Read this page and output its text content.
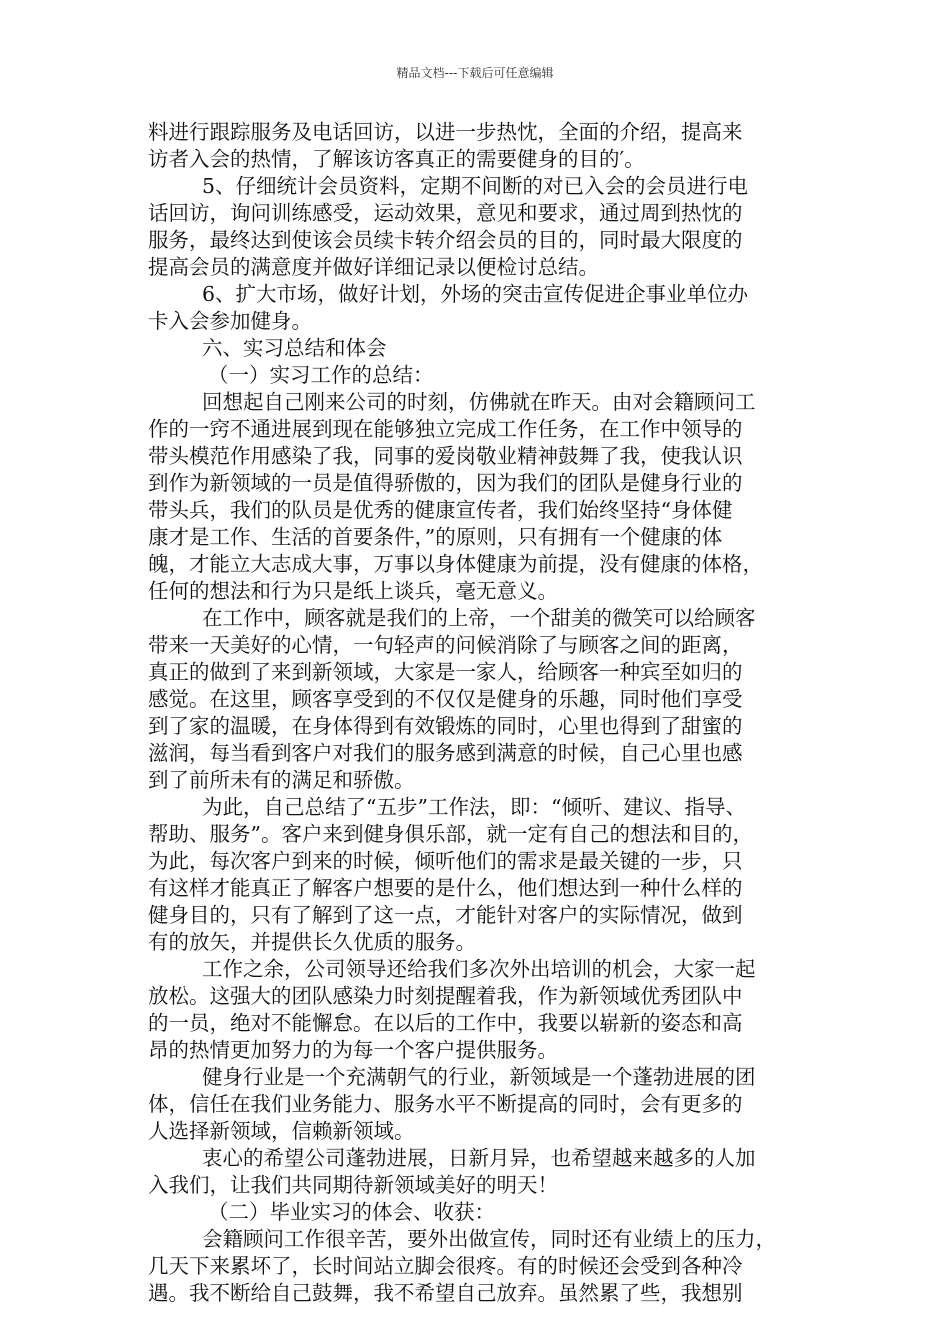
精品文档---下载后可任意编辑
料进行跟踪服务及电话回访，以进一步热忱，全面的介绍，提高来
访者入会的热情，了解该访客真正的需要健身的目的′。
5、仔细统计会员资料，定期不间断的对已入会的会员进行电
话回访，询问训练感受，运动效果，意见和要求，通过周到热忱的
服务，最终达到使该会员续卡转介绍会员的目的，同时最大限度的
提高会员的满意度并做好详细记录以便检讨总结。
6、扩大市场，做好计划，外场的突击宣传促进企事业单位办
卡入会参加健身。
六、实习总结和体会
（一）实习工作的总结：
回想起自己刚来公司的时刻，仿佛就在昨天。由对会籍顾问工
作的一窍不通进展到现在能够独立完成工作任务，在工作中领导的
带头模范作用感染了我，同事的爱岗敬业精神鼓舞了我，使我认识
到作为新领域的一员是值得骄傲的，因为我们的团队是健身行业的
带头兵，我们的队员是优秀的健康宣传者，我们始终坚持“身体健
康才是工作、生活的首要条件，”的原则，只有拥有一个健康的体
魄，才能立大志成大事，万事以身体健康为前提，没有健康的体格，
任何的想法和行为只是纸上谈兵，毫无意义。
在工作中，顾客就是我们的上帝，一个甜美的微笑可以给顾客
带来一天美好的心情，一句轻声的问候消除了与顾客之间的距离，
真正的做到了来到新领域，大家是一家人，给顾客一种宾至如归的
感觉。在这里，顾客享受到的不仅仅是健身的乐趣，同时他们享受
到了家的温暖，在身体得到有效锻炼的同时，心里也得到了甜蜜的
滋润，每当看到客户对我们的服务感到满意的时候，自己心里也感
到了前所未有的满足和骄傲。
为此，自己总结了“五步”工作法，即：“倾听、建议、指导、
帮助、服务”。客户来到健身俱乐部，就一定有自己的想法和目的，
为此，每次客户到来的时候，倾听他们的需求是最关键的一步，只
有这样才能真正了解客户想要的是什么，他们想达到一种什么样的
健身目的，只有了解到了这一点，才能针对客户的实际情况，做到
有的放矢，并提供长久优质的服务。
工作之余，公司领导还给我们多次外出培训的机会，大家一起
放松。这强大的团队感染力时刻提醒着我，作为新领域优秀团队中
的一员，绝对不能懈怠。在以后的工作中，我要以崭新的姿态和高
昂的热情更加努力的为每一个客户提供服务。
健身行业是一个充满朝气的行业，新领域是一个蓬勃进展的团
体，信任在我们业务能力、服务水平不断提高的同时，会有更多的
人选择新领域，信赖新领域。
衷心的希望公司蓬勃进展，日新月异，也希望越来越多的人加
入我们，让我们共同期待新领域美好的明天！
（二）毕业实习的体会、收获：
会籍顾问工作很辛苦，要外出做宣传，同时还有业绩上的压力，
几天下来累坏了，长时间站立脚会很疼。有的时候还会受到各种冷
遇。我不断给自己鼓舞，我不希望自己放弃。虽然累了些，我想别
